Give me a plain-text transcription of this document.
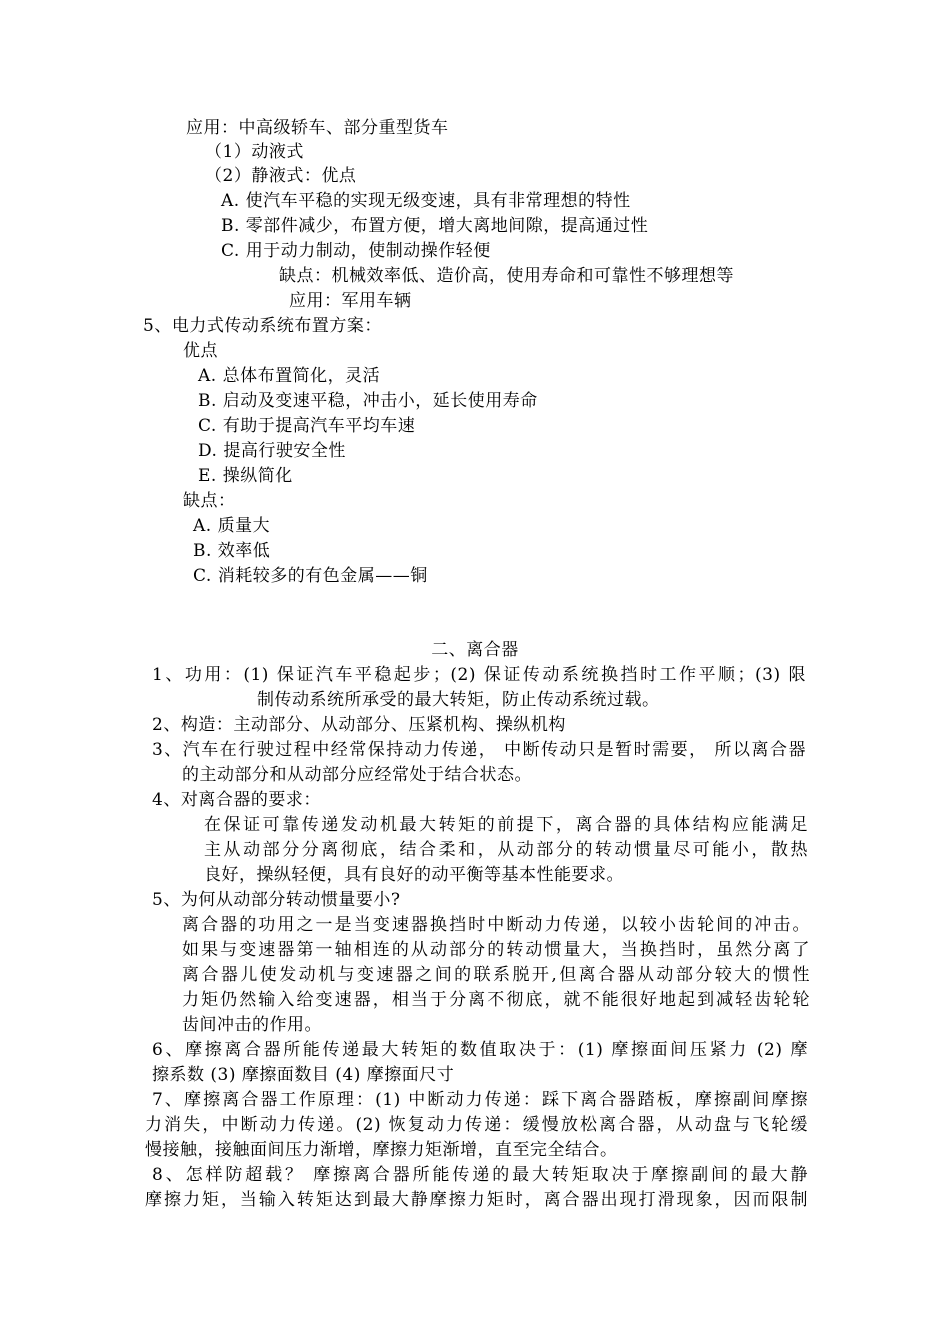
应用：中高级轿车、部分重型货车
（1）动液式
（2）静液式：优点
A. 使汽车平稳的实现无级变速，具有非常理想的特性
B. 零部件减少，布置方便，增大离地间隙，提高通过性
C. 用于动力制动，使制动操作轻便
缺点：机械效率低、造价高，使用寿命和可靠性不够理想等
应用：军用车辆
5、电力式传动系统布置方案：
优点
A. 总体布置简化，灵活
B. 启动及变速平稳，冲击小，延长使用寿命
C. 有助于提高汽车平均车速
D. 提高行驶安全性
E. 操纵简化
缺点：
A. 质量大
B. 效率低
C. 消耗较多的有色金属——铜
二、离合器
1、功用：(1) 保证汽车平稳起步；(2) 保证传动系统换挡时工作平顺；(3) 限
制传动系统所承受的最大转矩，防止传动系统过载。
2、构造：主动部分、从动部分、压紧机构、操纵机构
3、汽车在行驶过程中经常保持动力传递， 中断传动只是暂时需要， 所以离合器
的主动部分和从动部分应经常处于结合状态。
4、对离合器的要求：
在保证可靠传递发动机最大转矩的前提下，离合器的具体结构应能满足
主从动部分分离彻底，结合柔和，从动部分的转动惯量尽可能小，散热
良好，操纵轻便，具有良好的动平衡等基本性能要求。
5、为何从动部分转动惯量要小?
离合器的功用之一是当变速器换挡时中断动力传递，以较小齿轮间的冲击。
如果与变速器第一轴相连的从动部分的转动惯量大，当换挡时，虽然分离了
离合器儿使发动机与变速器之间的联系脱开,但离合器从动部分较大的惯性
力矩仍然输入给变速器，相当于分离不彻底，就不能很好地起到减轻齿轮轮
齿间冲击的作用。
6、摩擦离合器所能传递最大转矩的数值取决于：(1) 摩擦面间压紧力 (2) 摩
擦系数 (3) 摩擦面数目 (4) 摩擦面尺寸
7、摩擦离合器工作原理：(1) 中断动力传递：踩下离合器踏板，摩擦副间摩擦
力消失，中断动力传递。(2) 恢复动力传递：缓慢放松离合器，从动盘与飞轮缓
慢接触，接触面间压力渐增，摩擦力矩渐增，直至完全结合。
8、怎样防超载？ 摩擦离合器所能传递的最大转矩取决于摩擦副间的最大静
摩擦力矩，当输入转矩达到最大静摩擦力矩时，离合器出现打滑现象，因而限制
